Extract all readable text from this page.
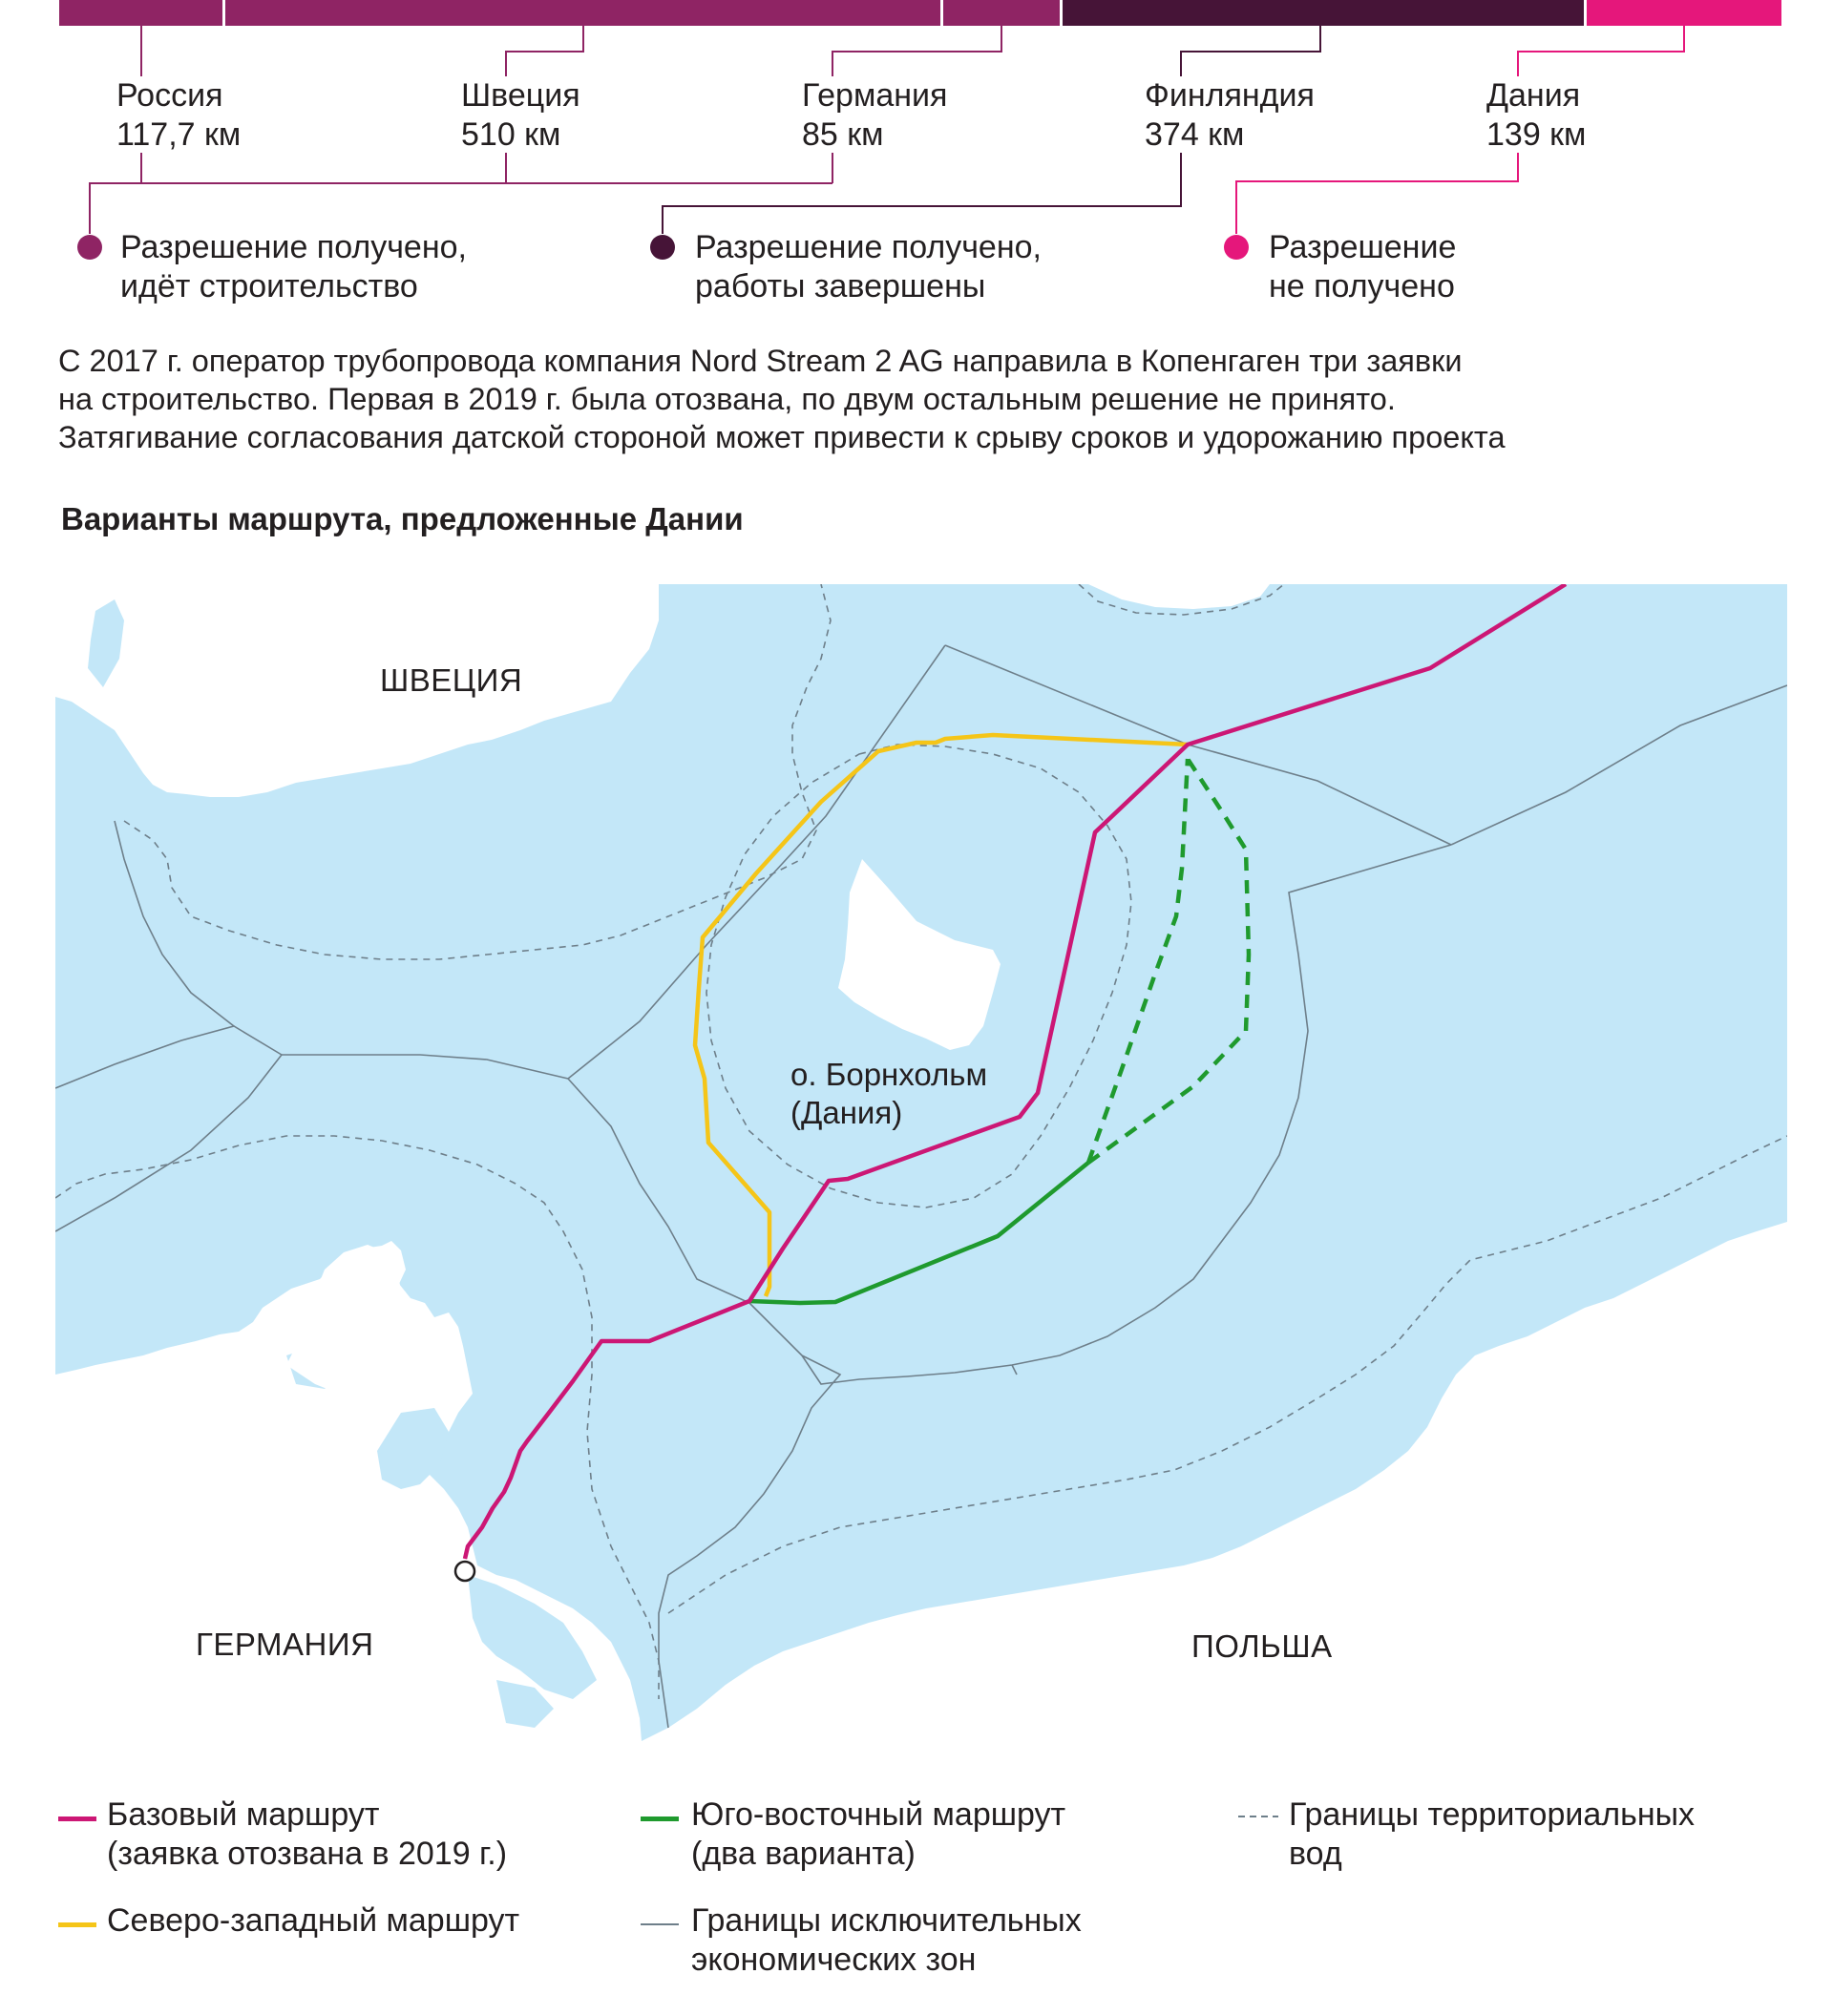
Россия
117,7 км
Швеция
510 км
Германия
85 км
Финляндия
374 км
Дания
139 км
Разрешение получено,
идёт строительство
Разрешение получено,
работы завершены
Разрешение
не получено
С 2017 г. оператор трубопровода компания Nord Stream 2 AG направила в Копенгаген три заявки
на строительство. Первая в 2019 г. была отозвана, по двум остальным решение не принято.
Затягивание согласования датской стороной может привести к срыву сроков и удорожанию проекта
Варианты маршрута, предложенные Дании
ШВЕЦИЯ
о. Борнхольм
(Дания)
ГЕРМАНИЯ	ПОЛЬША
Базовый маршрут
(заявка отозвана в 2019 г.)
Юго-восточный маршрут
(два варианта)
Границы территориальных
вод
Северо-западный маршрут	Границы исключительных
экономических зон
